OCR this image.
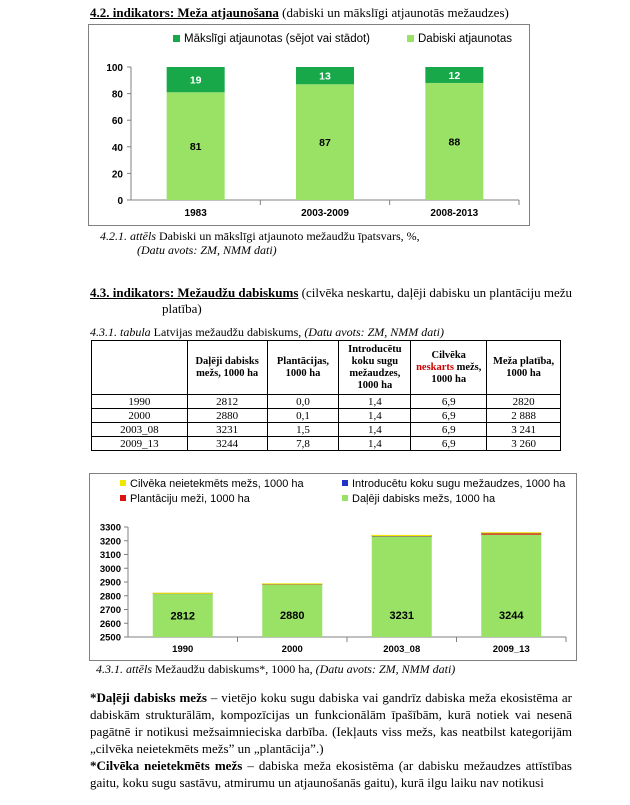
4.2. indikators: Meža atjaunošana (dabiski un mākslīgi atjaunotās mežaudzes)
Mākslīgi atjaunotas (sējot vai stādot)	Dabiski atjaunotas
0
20
40
60
80
100
81
19
1983
87
13
2003-2009
88
12
2008-2013
4.2.1. attēls Dabiski un mākslīgi atjaunoto mežaudžu īpatsvars, %,
(Datu avots: ZM, NMM dati)
4.3. indikators: Mežaudžu dabiskums (cilvēka neskartu, daļēji dabisku un plantāciju mežu
platība)
4.3.1. tabula Latvijas mežaudžu dabiskums, (Datu avots: ZM, NMM dati)
	Daļēji dabisks mežs, 1000 ha	Plantācijas, 1000 ha	Introducētu koku sugu mežaudzes, 1000 ha	Cilvēka neskarts mežs, 1000 ha	Meža platība, 1000 ha
1990	2812	0,0	1,4	6,9	2820
2000	2880	0,1	1,4	6,9	2 888
2003_08	3231	1,5	1,4	6,9	3 241
2009_13	3244	7,8	1,4	6,9	3 260
Cilvēka neietekmēts mežs, 1000 ha	Introducētu koku sugu mežaudzes, 1000 ha
Plantāciju meži, 1000 ha	Daļēji dabisks mežs, 1000 ha
2500
2600
2700
2800
2900
3000
3100
3200
3300
2812
1990
2880
2000
3231
2003_08
3244
2009_13
4.3.1. attēls Mežaudžu dabiskums*, 1000 ha, (Datu avots: ZM, NMM dati)
*Daļēji dabisks mežs – vietējo koku sugu dabiska vai gandrīz dabiska meža ekosistēma ar dabiskām strukturālām, kompozīcijas un funkcionālām īpašībām, kurā notiek vai nesenā pagātnē ir notikusi mežsaimnieciska darbība. (Iekļauts viss mežs, kas neatbilst kategorijām „cilvēka neietekmēts mežs” un „plantācija”.)
*Cilvēka neietekmēts mežs – dabiska meža ekosistēma (ar dabisku mežaudzes attīstības gaitu, koku sugu sastāvu, atmirumu un atjaunošanās gaitu), kurā ilgu laiku nav notikusi
